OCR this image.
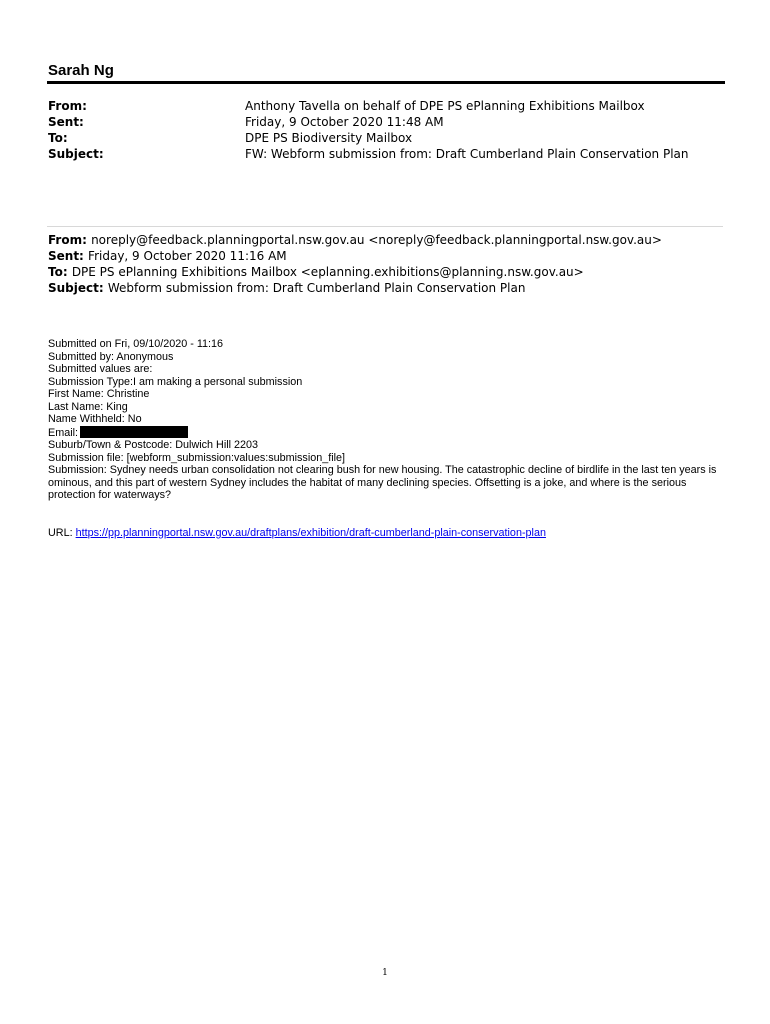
Sarah Ng
From:	Anthony Tavella on behalf of DPE PS ePlanning Exhibitions Mailbox
Sent:	Friday, 9 October 2020 11:48 AM
To:	DPE PS Biodiversity Mailbox
Subject:	FW: Webform submission from: Draft Cumberland Plain Conservation Plan
From: noreply@feedback.planningportal.nsw.gov.au <noreply@feedback.planningportal.nsw.gov.au>
Sent: Friday, 9 October 2020 11:16 AM
To: DPE PS ePlanning Exhibitions Mailbox <eplanning.exhibitions@planning.nsw.gov.au>
Subject: Webform submission from: Draft Cumberland Plain Conservation Plan
Submitted on Fri, 09/10/2020 - 11:16
Submitted by: Anonymous
Submitted values are:
Submission Type:I am making a personal submission
First Name: Christine
Last Name: King
Name Withheld: No
Email:
Suburb/Town & Postcode: Dulwich Hill 2203
Submission file: [webform_submission:values:submission_file]
Submission: Sydney needs urban consolidation not clearing bush for new housing. The catastrophic decline of birdlife in the last ten years is ominous, and this part of western Sydney includes the habitat of many declining species. Offsetting is a joke, and where is the serious protection for waterways?
URL: https://pp.planningportal.nsw.gov.au/draftplans/exhibition/draft-cumberland-plain-conservation-plan
1
